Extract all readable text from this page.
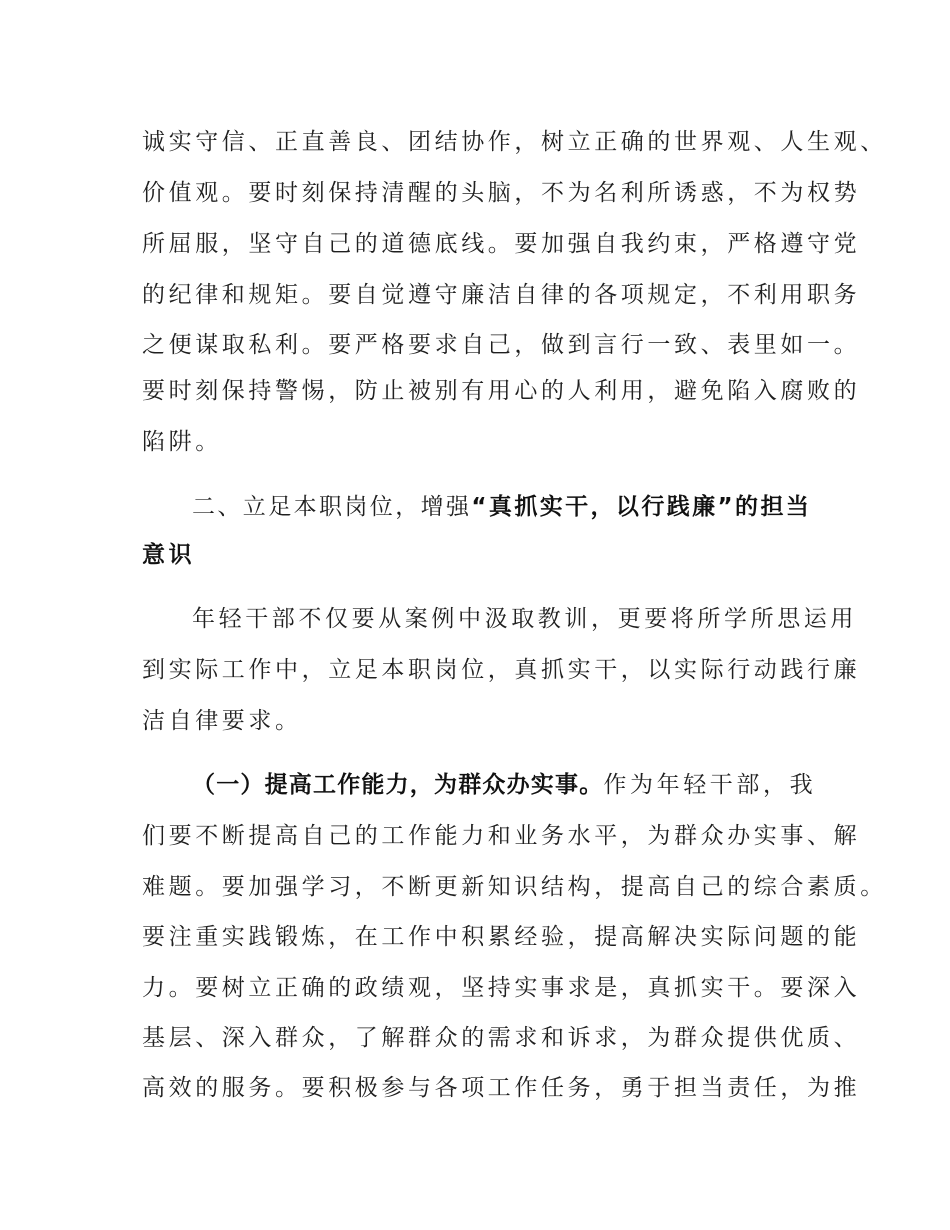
诚实守信、正直善良、团结协作，树立正确的世界观、人生观、
价值观。要时刻保持清醒的头脑，不为名利所诱惑，不为权势
所屈服，坚守自己的道德底线。要加强自我约束，严格遵守党
的纪律和规矩。要自觉遵守廉洁自律的各项规定，不利用职务
之便谋取私利。要严格要求自己，做到言行一致、表里如一。
要时刻保持警惕，防止被别有用心的人利用，避免陷入腐败的
陷阱。
二、立足本职岗位，增强“真抓实干，以行践廉”的担当
意识
年轻干部不仅要从案例中汲取教训，更要将所学所思运用
到实际工作中，立足本职岗位，真抓实干，以实际行动践行廉
洁自律要求。
（一）提高工作能力，为群众办实事。作为年轻干部，我
们要不断提高自己的工作能力和业务水平，为群众办实事、解
难题。要加强学习，不断更新知识结构，提高自己的综合素质。
要注重实践锻炼，在工作中积累经验，提高解决实际问题的能
力。要树立正确的政绩观，坚持实事求是，真抓实干。要深入
基层、深入群众，了解群众的需求和诉求，为群众提供优质、
高效的服务。要积极参与各项工作任务，勇于担当责任，为推
